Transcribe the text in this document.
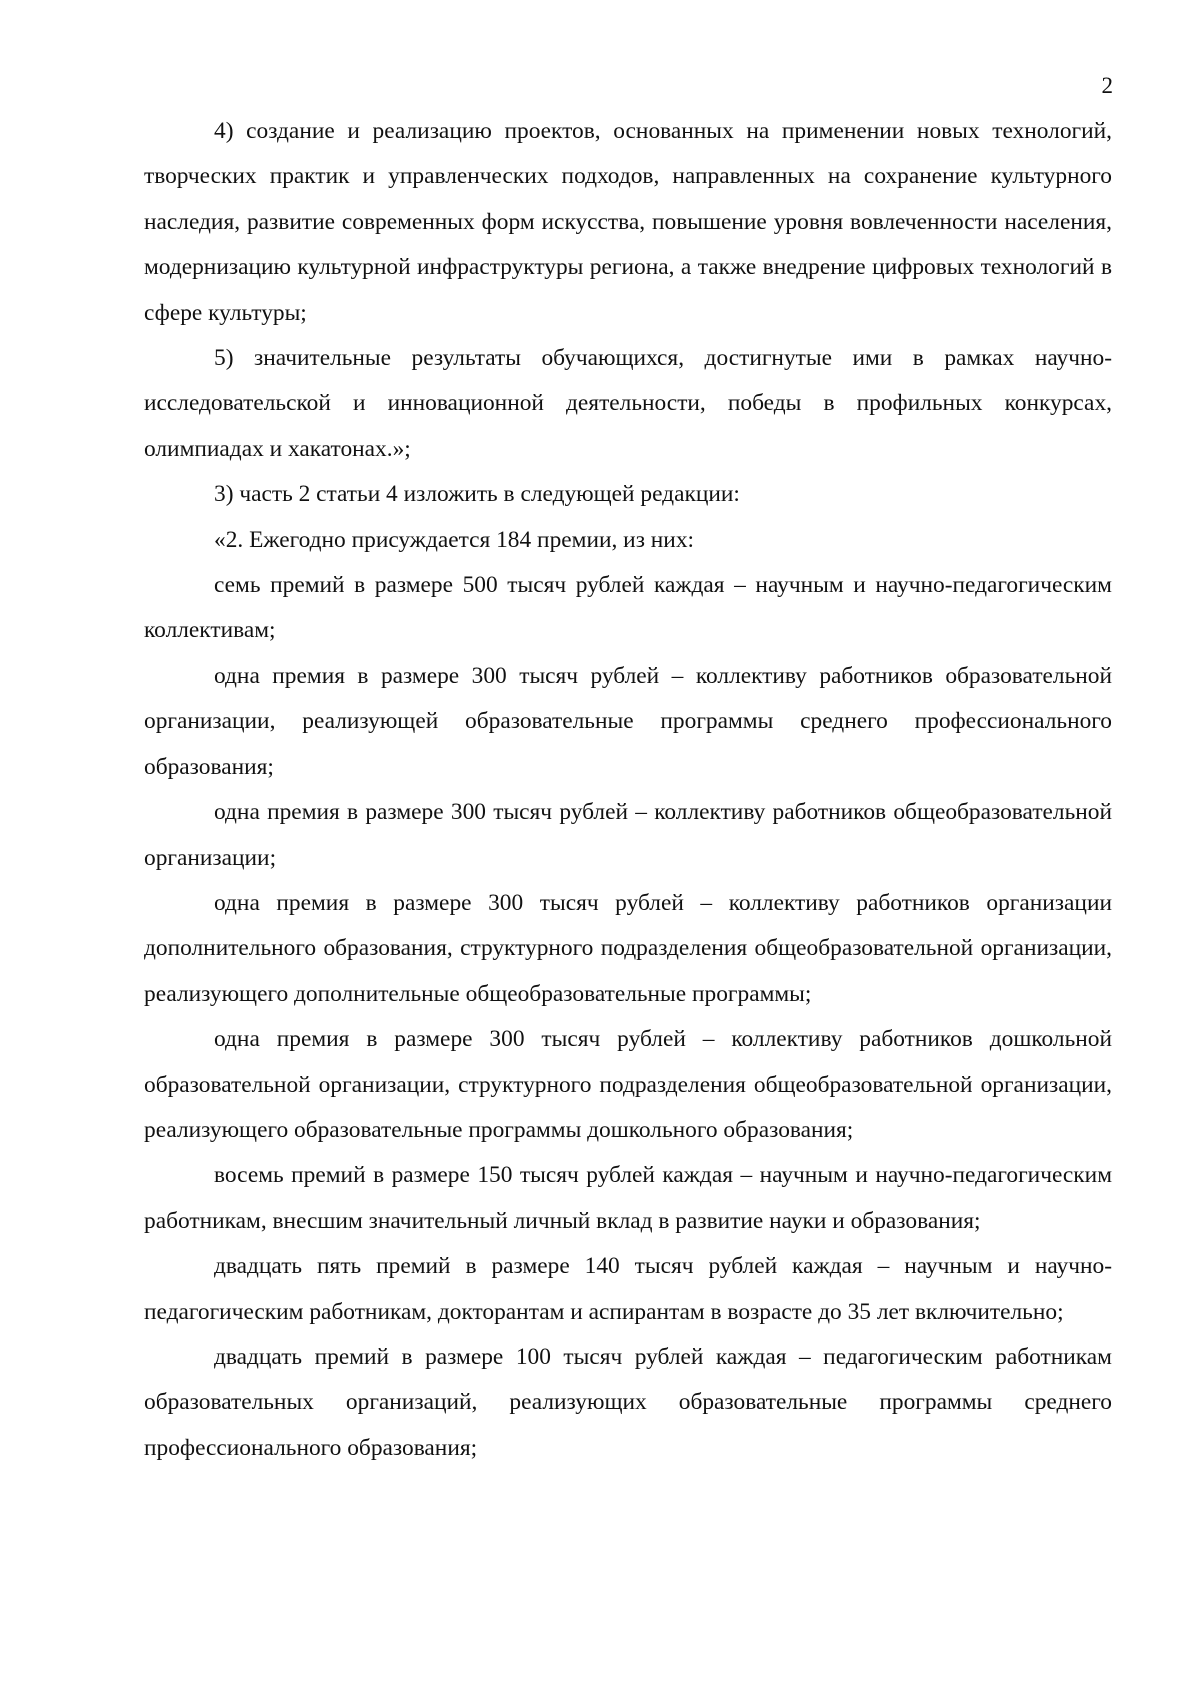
2

4) создание и реализацию проектов, основанных на применении новых технологий, творческих практик и управленческих подходов, направленных на сохранение культурного наследия, развитие современных форм искусства, повышение уровня вовлеченности населения, модернизацию культурной инфраструктуры региона, а также внедрение цифровых технологий в сфере культуры;

5) значительные результаты обучающихся, достигнутые ими в рамках научно-исследовательской и инновационной деятельности, победы в профильных конкурсах, олимпиадах и хакатонах.»;

3) часть 2 статьи 4 изложить в следующей редакции:

«2. Ежегодно присуждается 184 премии, из них:

семь премий в размере 500 тысяч рублей каждая – научным и научно-педагогическим коллективам;

одна премия в размере 300 тысяч рублей – коллективу работников образовательной организации, реализующей образовательные программы среднего профессионального образования;

одна премия в размере 300 тысяч рублей – коллективу работников общеобразовательной организации;

одна премия в размере 300 тысяч рублей – коллективу работников организации дополнительного образования, структурного подразделения общеобразовательной организации, реализующего дополнительные общеобразовательные программы;

одна премия в размере 300 тысяч рублей – коллективу работников дошкольной образовательной организации, структурного подразделения общеобразовательной организации, реализующего образовательные программы дошкольного образования;

восемь премий в размере 150 тысяч рублей каждая – научным и научно-педагогическим работникам, внесшим значительный личный вклад в развитие науки и образования;

двадцать пять премий в размере 140 тысяч рублей каждая – научным и научно-педагогическим работникам, докторантам и аспирантам в возрасте до 35 лет включительно;

двадцать премий в размере 100 тысяч рублей каждая – педагогическим работникам образовательных организаций, реализующих образовательные программы среднего профессионального образования;
